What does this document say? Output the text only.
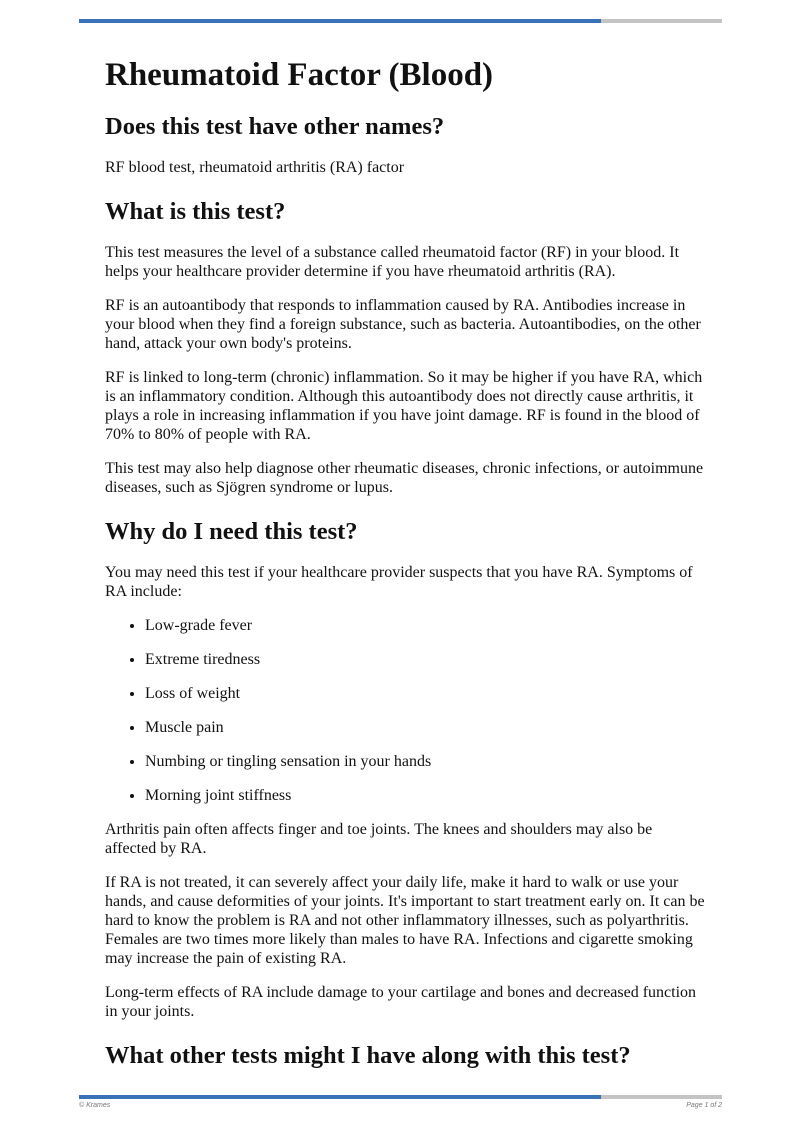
Rheumatoid Factor (Blood)
Does this test have other names?

RF blood test, rheumatoid arthritis (RA) factor

What is this test?

This test measures the level of a substance called rheumatoid factor (RF) in your blood. It helps your healthcare provider determine if you have rheumatoid arthritis (RA).

RF is an autoantibody that responds to inflammation caused by RA. Antibodies increase in your blood when they find a foreign substance, such as bacteria. Autoantibodies, on the other hand, attack your own body's proteins.

RF is linked to long-term (chronic) inflammation. So it may be higher if you have RA, which is an inflammatory condition. Although this autoantibody does not directly cause arthritis, it plays a role in increasing inflammation if you have joint damage. RF is found in the blood of 70% to 80% of people with RA.

This test may also help diagnose other rheumatic diseases, chronic infections, or autoimmune diseases, such as Sjögren syndrome or lupus.

Why do I need this test?

You may need this test if your healthcare provider suspects that you have RA. Symptoms of RA include:

• Low-grade fever
• Extreme tiredness
• Loss of weight
• Muscle pain
• Numbing or tingling sensation in your hands
• Morning joint stiffness

Arthritis pain often affects finger and toe joints. The knees and shoulders may also be affected by RA.

If RA is not treated, it can severely affect your daily life, make it hard to walk or use your hands, and cause deformities of your joints. It's important to start treatment early on. It can be hard to know the problem is RA and not other inflammatory illnesses, such as polyarthritis. Females are two times more likely than males to have RA. Infections and cigarette smoking may increase the pain of existing RA.

Long-term effects of RA include damage to your cartilage and bones and decreased function in your joints.

What other tests might I have along with this test?
© Krames	Page 1 of 2
